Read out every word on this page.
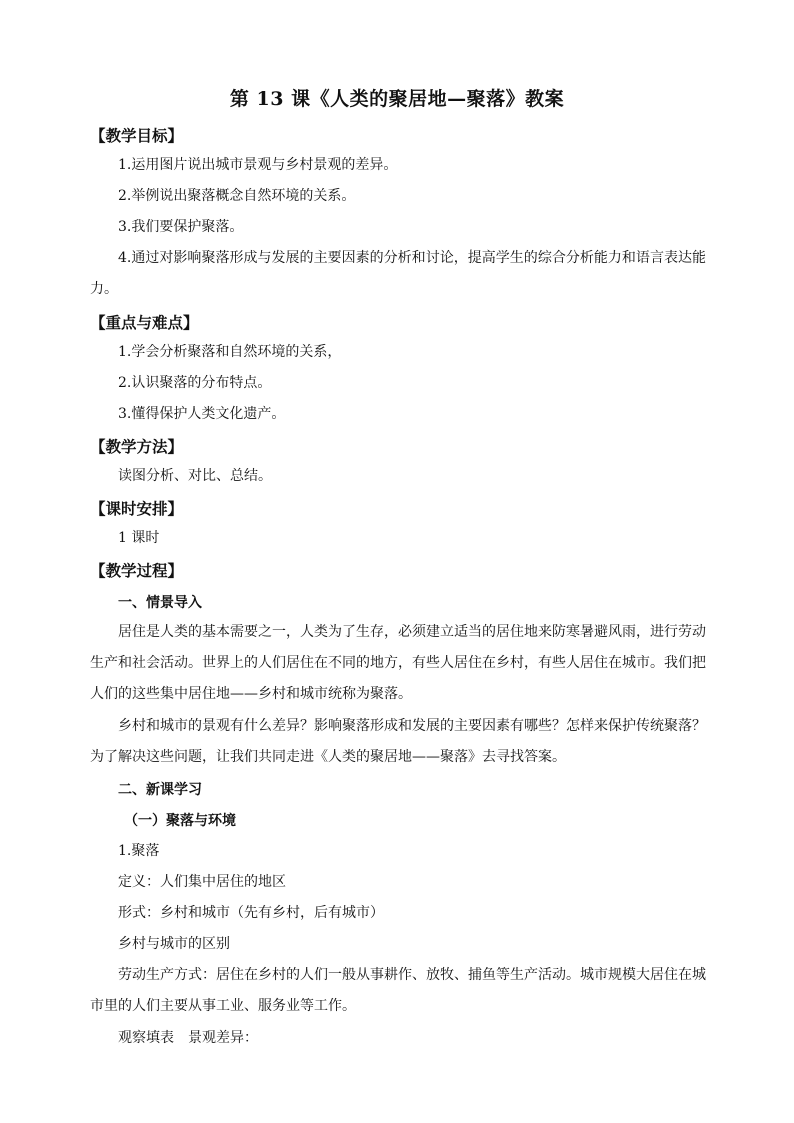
第 13 课《人类的聚居地—聚落》教案
【教学目标】
1.运用图片说出城市景观与乡村景观的差异。
2.举例说出聚落概念自然环境的关系。
3.我们要保护聚落。
4.通过对影响聚落形成与发展的主要因素的分析和讨论，提高学生的综合分析能力和语言表达能力。
【重点与难点】
1.学会分析聚落和自然环境的关系，
2.认识聚落的分布特点。
3.懂得保护人类文化遗产。
【教学方法】
读图分析、对比、总结。
【课时安排】
1 课时
【教学过程】
一、情景导入
居住是人类的基本需要之一，人类为了生存，必须建立适当的居住地来防寒暑避风雨，进行劳动生产和社会活动。世界上的人们居住在不同的地方，有些人居住在乡村，有些人居住在城市。我们把人们的这些集中居住地——乡村和城市统称为聚落。
乡村和城市的景观有什么差异？影响聚落形成和发展的主要因素有哪些？怎样来保护传统聚落？为了解决这些问题，让我们共同走进《人类的聚居地——聚落》去寻找答案。
二、新课学习
（一）聚落与环境
1.聚落
定义：人们集中居住的地区
形式：乡村和城市（先有乡村，后有城市）
乡村与城市的区别
劳动生产方式：居住在乡村的人们一般从事耕作、放牧、捕鱼等生产活动。城市规模大居住在城市里的人们主要从事工业、服务业等工作。
观察填表　景观差异：
